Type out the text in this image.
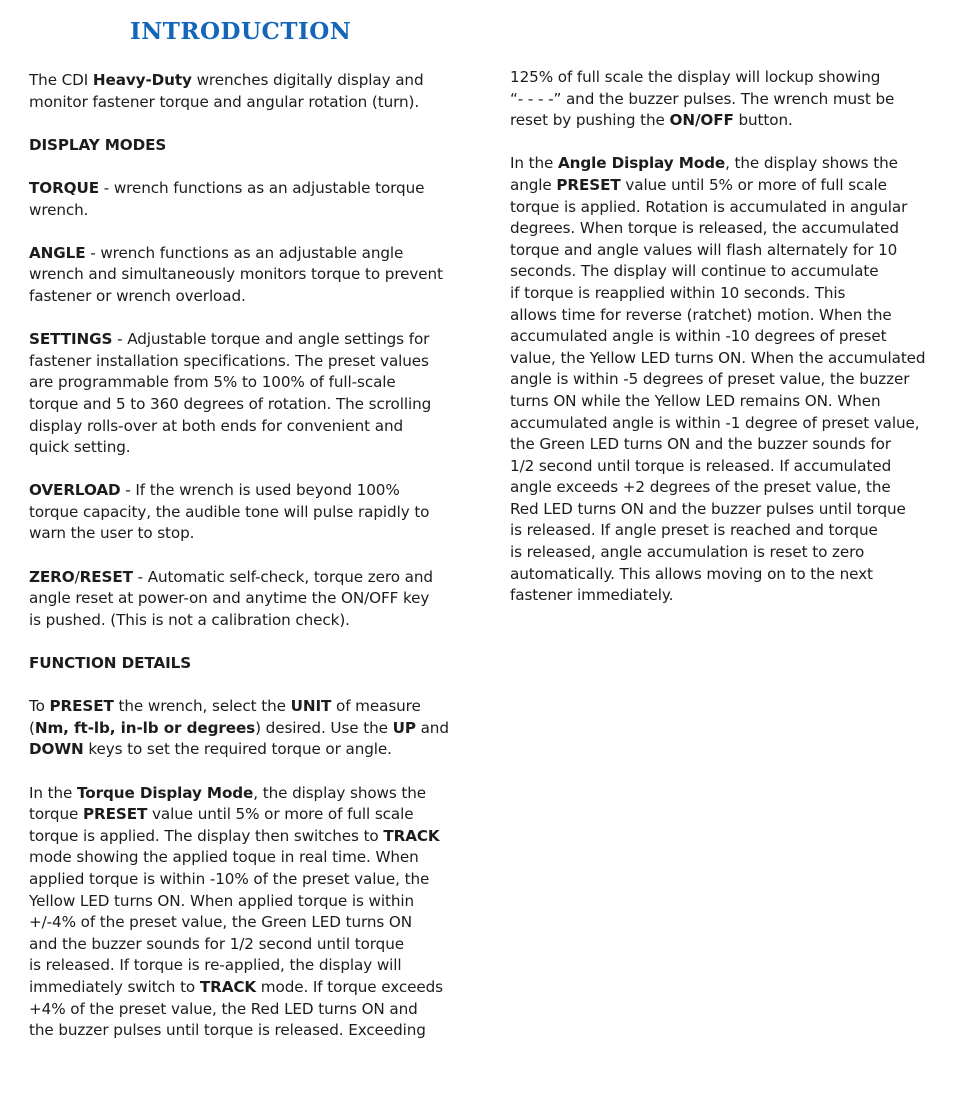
INTRODUCTION

The CDI Heavy-Duty wrenches digitally display and
monitor fastener torque and angular rotation (turn).

DISPLAY MODES

TORQUE - wrench functions as an adjustable torque
wrench.

ANGLE - wrench functions as an adjustable angle
wrench and simultaneously monitors torque to prevent
fastener or wrench overload.

SETTINGS - Adjustable torque and angle settings for
fastener installation specifications. The preset values
are programmable from 5% to 100% of full-scale
torque and 5 to 360 degrees of rotation. The scrolling
display rolls-over at both ends for convenient and
quick setting.

OVERLOAD - If the wrench is used beyond 100%
torque capacity, the audible tone will pulse rapidly to
warn the user to stop.

ZERO/RESET - Automatic self-check, torque zero and
angle reset at power-on and anytime the ON/OFF key
is pushed. (This is not a calibration check).

FUNCTION DETAILS

To PRESET the wrench, select the UNIT of measure
(Nm, ft-lb, in-lb or degrees) desired. Use the UP and
DOWN keys to set the required torque or angle.

In the Torque Display Mode, the display shows the
torque PRESET value until 5% or more of full scale
torque is applied. The display then switches to TRACK
mode showing the applied toque in real time. When
applied torque is within -10% of the preset value, the
Yellow LED turns ON. When applied torque is within
+/-4% of the preset value, the Green LED turns ON
and the buzzer sounds for 1/2 second until torque
is released. If torque is re-applied, the display will
immediately switch to TRACK mode. If torque exceeds
+4% of the preset value, the Red LED turns ON and
the buzzer pulses until torque is released. Exceeding

125% of full scale the display will lockup showing
“- - - -” and the buzzer pulses. The wrench must be
reset by pushing the ON/OFF button.

In the Angle Display Mode, the display shows the
angle PRESET value until 5% or more of full scale
torque is applied. Rotation is accumulated in angular
degrees. When torque is released, the accumulated
torque and angle values will flash alternately for 10
seconds. The display will continue to accumulate
if torque is reapplied within 10 seconds. This
allows time for reverse (ratchet) motion. When the
accumulated angle is within -10 degrees of preset
value, the Yellow LED turns ON. When the accumulated
angle is within -5 degrees of preset value, the buzzer
turns ON while the Yellow LED remains ON. When
accumulated angle is within -1 degree of preset value,
the Green LED turns ON and the buzzer sounds for
1/2 second until torque is released. If accumulated
angle exceeds +2 degrees of the preset value, the
Red LED turns ON and the buzzer pulses until torque
is released. If angle preset is reached and torque
is released, angle accumulation is reset to zero
automatically. This allows moving on to the next
fastener immediately.
